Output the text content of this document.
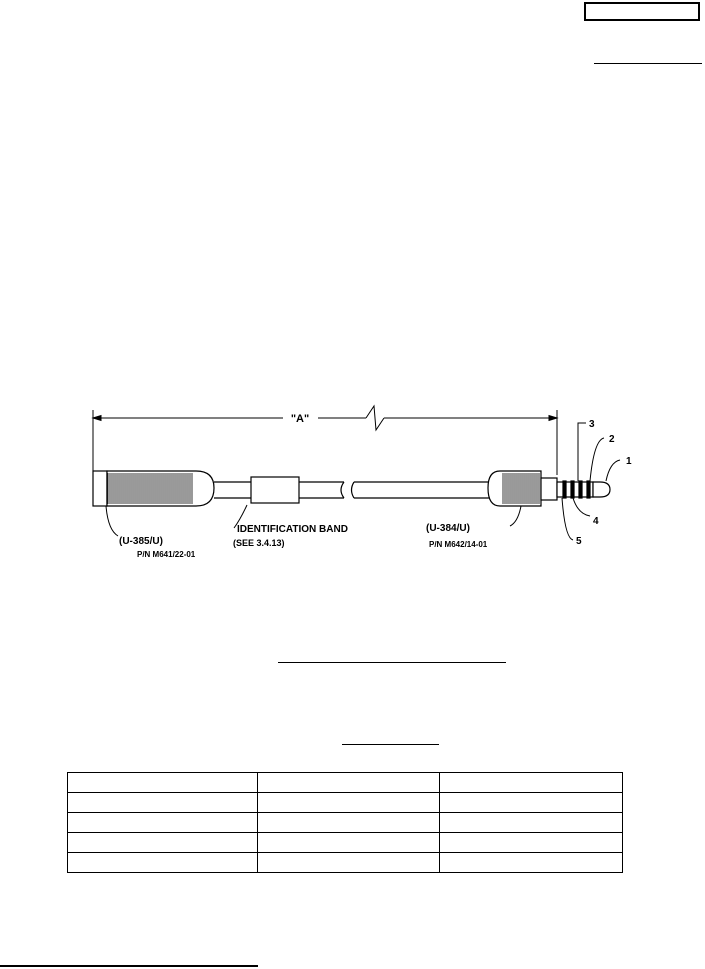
"A"
1
2
3
4
5
(U-385/U)
P/N M641/22-01
IDENTIFICATION BAND
(SEE 3.4.13)
(U-384/U)
P/N M642/14-01
